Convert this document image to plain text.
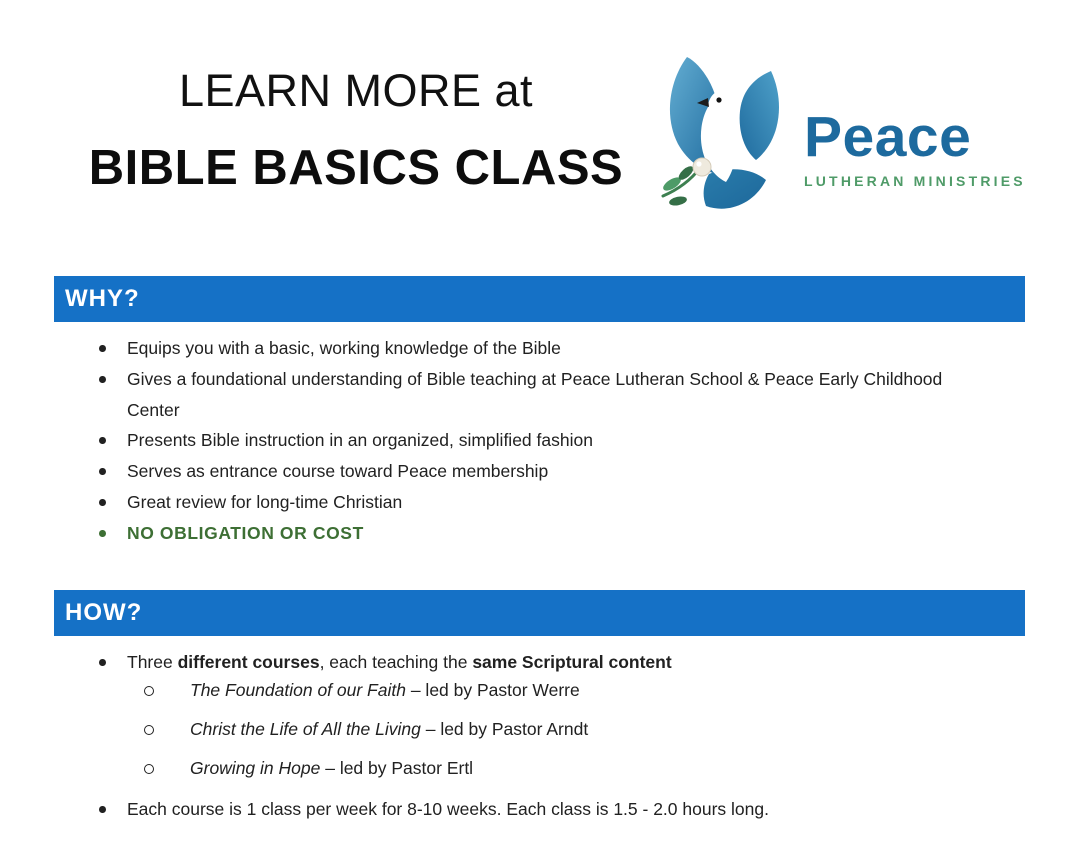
LEARN MORE at
BIBLE BASICS CLASS	Peace
LUTHERAN MINISTRIES
WHY?
Equips you with a basic, working knowledge of the Bible
Gives a foundational understanding of Bible teaching at Peace Lutheran School & Peace Early Childhood Center
Presents Bible instruction in an organized, simplified fashion
Serves as entrance course toward Peace membership
Great review for long-time Christian
NO OBLIGATION OR COST
HOW?
Three different courses, each teaching the same Scriptural content
The Foundation of our Faith – led by Pastor Werre
Christ the Life of All the Living – led by Pastor Arndt
Growing in Hope – led by Pastor Ertl
Each course is 1 class per week for 8-10 weeks. Each class is 1.5 - 2.0 hours long.
